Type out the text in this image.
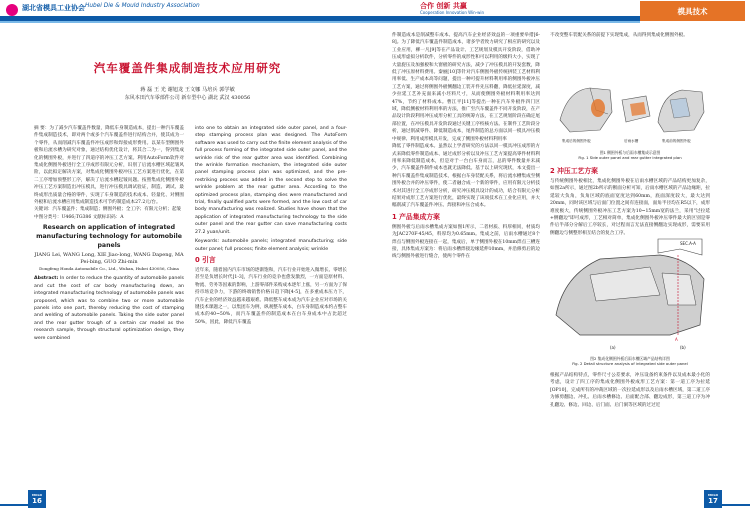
湖北省模具工业协会 Hubei Die & Mould Industry Association
汽车覆盖件集成制造技术应用研究
蒋 磊 王 光 谢旭龙 王文娜 马培兵 郭学敏
东风本田汽车零部件公司 新车型中心 湖北 武汉 430056
摘 要：为了减少汽车覆盖件数量，降低车身制造成本，提出一种汽车覆盖件集成制造技术，即对两个或多个汽车覆盖件进行结构合并，使其成为一个零件，从而削减汽车覆盖件冲压成形和焊接成形费用。以某车型侧围外板和后流水槽为研究对象，通过结构优化设计，将其合二为一，得到集成化的侧围外板，并进行了四道序的冲压工艺方案。利用AutoForm软件对集成化侧围外板进行全工序成形有限元分析，识别了后流水槽区域起皱风险，以此拟定解决方案，对集成化侧围外板冲压工艺方案进行优化，在第二工序增加预整形工序，解决了后流水槽起皱问题。按照集成化侧围外板冲压工艺方案制造出冲压模具，进行冲压模具调试验证，制造、调试、最终成形出质量合格的零件，实现了车身制造的技术成本、轻量化、对侧围外板和后流水槽应用集成制造技术可节约制造成本27.2元/台。
关键词：汽车覆盖件；集成制造；侧围外板；全工序；有限元分析；起皱
中图分类号：U466;TG386 文献标识码：A
Research on application of integrated manufacturing technology for automobile panels
JIANG Lei, WANG Long, XIE Jiao-long, WANG Dapeng, MA Pei-bing, GUO Zhi-min
Dongfeng Honda Automobile Co., Ltd., Wuhan, Hubei 430056, China
Abstract: In order to reduce the quantity of automobile panels and cut the cost of car body manufacturing down, an integrated manufacturing technology of automobile panels was proposed, which was to combine two or more automobile panels into one part, thereby reducing the cost of stamping and welding of automobile panels. Taking the side outer panel and the rear gutter trough of a certain car model as the research sample, through structural optimization design, they were combined
into one to obtain an integrated side outer panel, and a four-step stamping process plan was designed. The AutoForm software was used to carry out the finite element analysis of the full process forming of the integrated side outer panel, and the wrinkle risk of the rear gutter area was identified. Combining the wrinkle formation mechanism, the integrated side outer panel stamping process plan was optimized, and the pre-restriking process was added in the second step to solve the wrinkle problem at the rear gutter area. According to the optimized process plan, stamping dies were manufactured and trial, finally qualified parts were formed, and the low cost of car body manufacturing was realized. Studies have shown that the application of integrated manufacturing technology to the side outer panel and the rear gutter can save manufacturing costs 27.2 yuan/unit.
Keywords: automobile panels; integrated manufacturing; side outer panel; full process; finite element analysis; wrinkle
0 引言
近年来，随着国内汽车市场的逐渐饱和，汽车行业开始进入微增长、零增长甚至是负增长时代[1-3]，汽车行业的竞争也愈发激烈，一方面是原材料、物流、劳务等因素的影响，上游零部件采购成本逐年上涨，另一方面为了保持市场竞争力，下游的终端销售价格日趋下降[4-5]，在多重成本压力下，汽车企业的经济效益越来越艰难。降低整车成本成为汽车企业应对市场的关键技术课题之一，以集团车为例，纵观整车成本，白车身制造成本约占整车成本的40~50%，而汽车覆盖件的制造成本在白车身成本中占比超过50%，因此，降低汽车覆盖
MOLD
16
合作 创新 共赢
Cooperation Innovation Win-win	模具技术
件制造成本是削减整车成本、提高汽车企业经济效益的一项重要举措[6-8]。为了降低汽车覆盖件制造成本，诸多学者致力研究了相应的研究以及工业应用，柳一凡[9]等在产品设计、工艺规划及模具开发阶段，借助冲压成形虚拟分析软件，分析零件的成形性和可以利用的级料大小，实现了大量旋压及加强板和大窗板的研究方法，减少了冲压模具的开发套数，降低了冲压原材料费用。秦丽[10]等针对汽车侧围外板传统拼装工艺材料利用率低、生产成本高等问题，提出一种可提升材料利用率的侧围外板冲压工艺方案，通过将侧围外板侧翻边工装开件先压料翻，降低拉延深度，减少拉延工艺补充面来减小坯料尺寸，从而使侧围外板材料利用率达到47%，节约了材料成本。曹江平[11]等提出一种在汽车外板件四门区域，降低侧板材料利用率的方法，推广至汽车覆盖件不同开发阶段，在产品设计阶段利用冲压成形分析工具的统筹方法，在工艺规划阶段在确定尾部位置，在冲压模具开发阶段通过关键工序校核方法。在制件工艺阶段分析，通过削减零件、降低制造成本，尾件制造的总方面以同一模具冲压模中规律、利用成形模具开发，完成了侧围外板材料利用率
降低了零件制造成本。虽然以上学者研究的方法以同一模具冲压成形的方式来降低零件制造成本、通过成形分析以及冲压工艺方案提高零件材料利用率来降低制造成本，但是对于一台白车身而言，总的零件数量并未减少，汽车覆盖件制件成本也就无法降低。基于以上研究现状，本文提出一种汽车覆盖件集成制造技术，根据白车身装配关系，将后流水槽集成至侧围外板合并的冲压零件，使二者融合成一个新的零件，应用有限元分析技术对其进行全工序成形分析，研究冲压模具设计的成功，结合有限元分析结果对成形工艺方案进行优化，最终实现了该项技术在工业化应用，并大幅削减了汽车覆盖件冲压、焊接和冲压合成本。
1 产品集成方案
侧围外板与后雨水槽集成方案如图1所示，二者材质、料厚相同，材质均为JAC270F-45/45，料厚均为0.65mm。集成之前，后雨水槽通过8个焊点与侧围外板连接在一起，集成后，单于侧围外板在10mm焊点三槽连接，具体集成方案为：将后雨水槽焊接边缘延伸10mm，并沿修剪后的边线与侧围外板进行缝合，使两个零件在
不改变整车装配关系的前提下实现集成，从而得到集成化侧围外板。
集成后的侧围外板	后雨水槽	集成前的侧围外板
图1 侧围外板与后雨水槽集成示意图
Fig. 1 Side outer panel and rear gutter integrated plan
2 冲压工艺方案
与传统侧围外板相比，集成化侧围外板在后雨水槽区域的产品结构更加复杂，如图2a所示，通过图2b所示的断面分析可知，后雨水槽区域的产品边缘距，拉延较大负角，负角区域的底面宽度达到60mm，底面深度较大，最大达到20mm，同时该区域与后面门位置之间有连接面，面角半径均在R5以下，成形难度极大，传统侧围外板冲压工艺方案为10~15mm宽的法兰，采用"过拉延+侧翻边"即可成形，工艺相对简单，集成化侧围外板冲压零件最大的区别是零件后半部分分解后工序较长，对过程而言无法直接侧翻边实现成形，需要采用侧翻边与侧整形相互结合的复合工序。
SEC.A-A
(a)	(b)
A
图2 集成化侧围外板后雨水槽区域产品结构详图
Fig. 2 Detail structure analysis of integrated side outer panel
根据产品结构特点，零件尺寸公差要求，冲压设备约束条件以及成本最小化的考虑，设计了四工序的集成化侧围外板成形工艺方案：第一道工序为拉延[OP10]，完成所有的冲裁区域的一次拉延成形以及后雨水槽区域，第二道工序为修剪翻边、冲孔、后雨水槽修边、后面配合部、翻边成形，第三道工序为冲孔翻边、修边、回边、后门面、后门洞等区域的过过近
MOLD
17
